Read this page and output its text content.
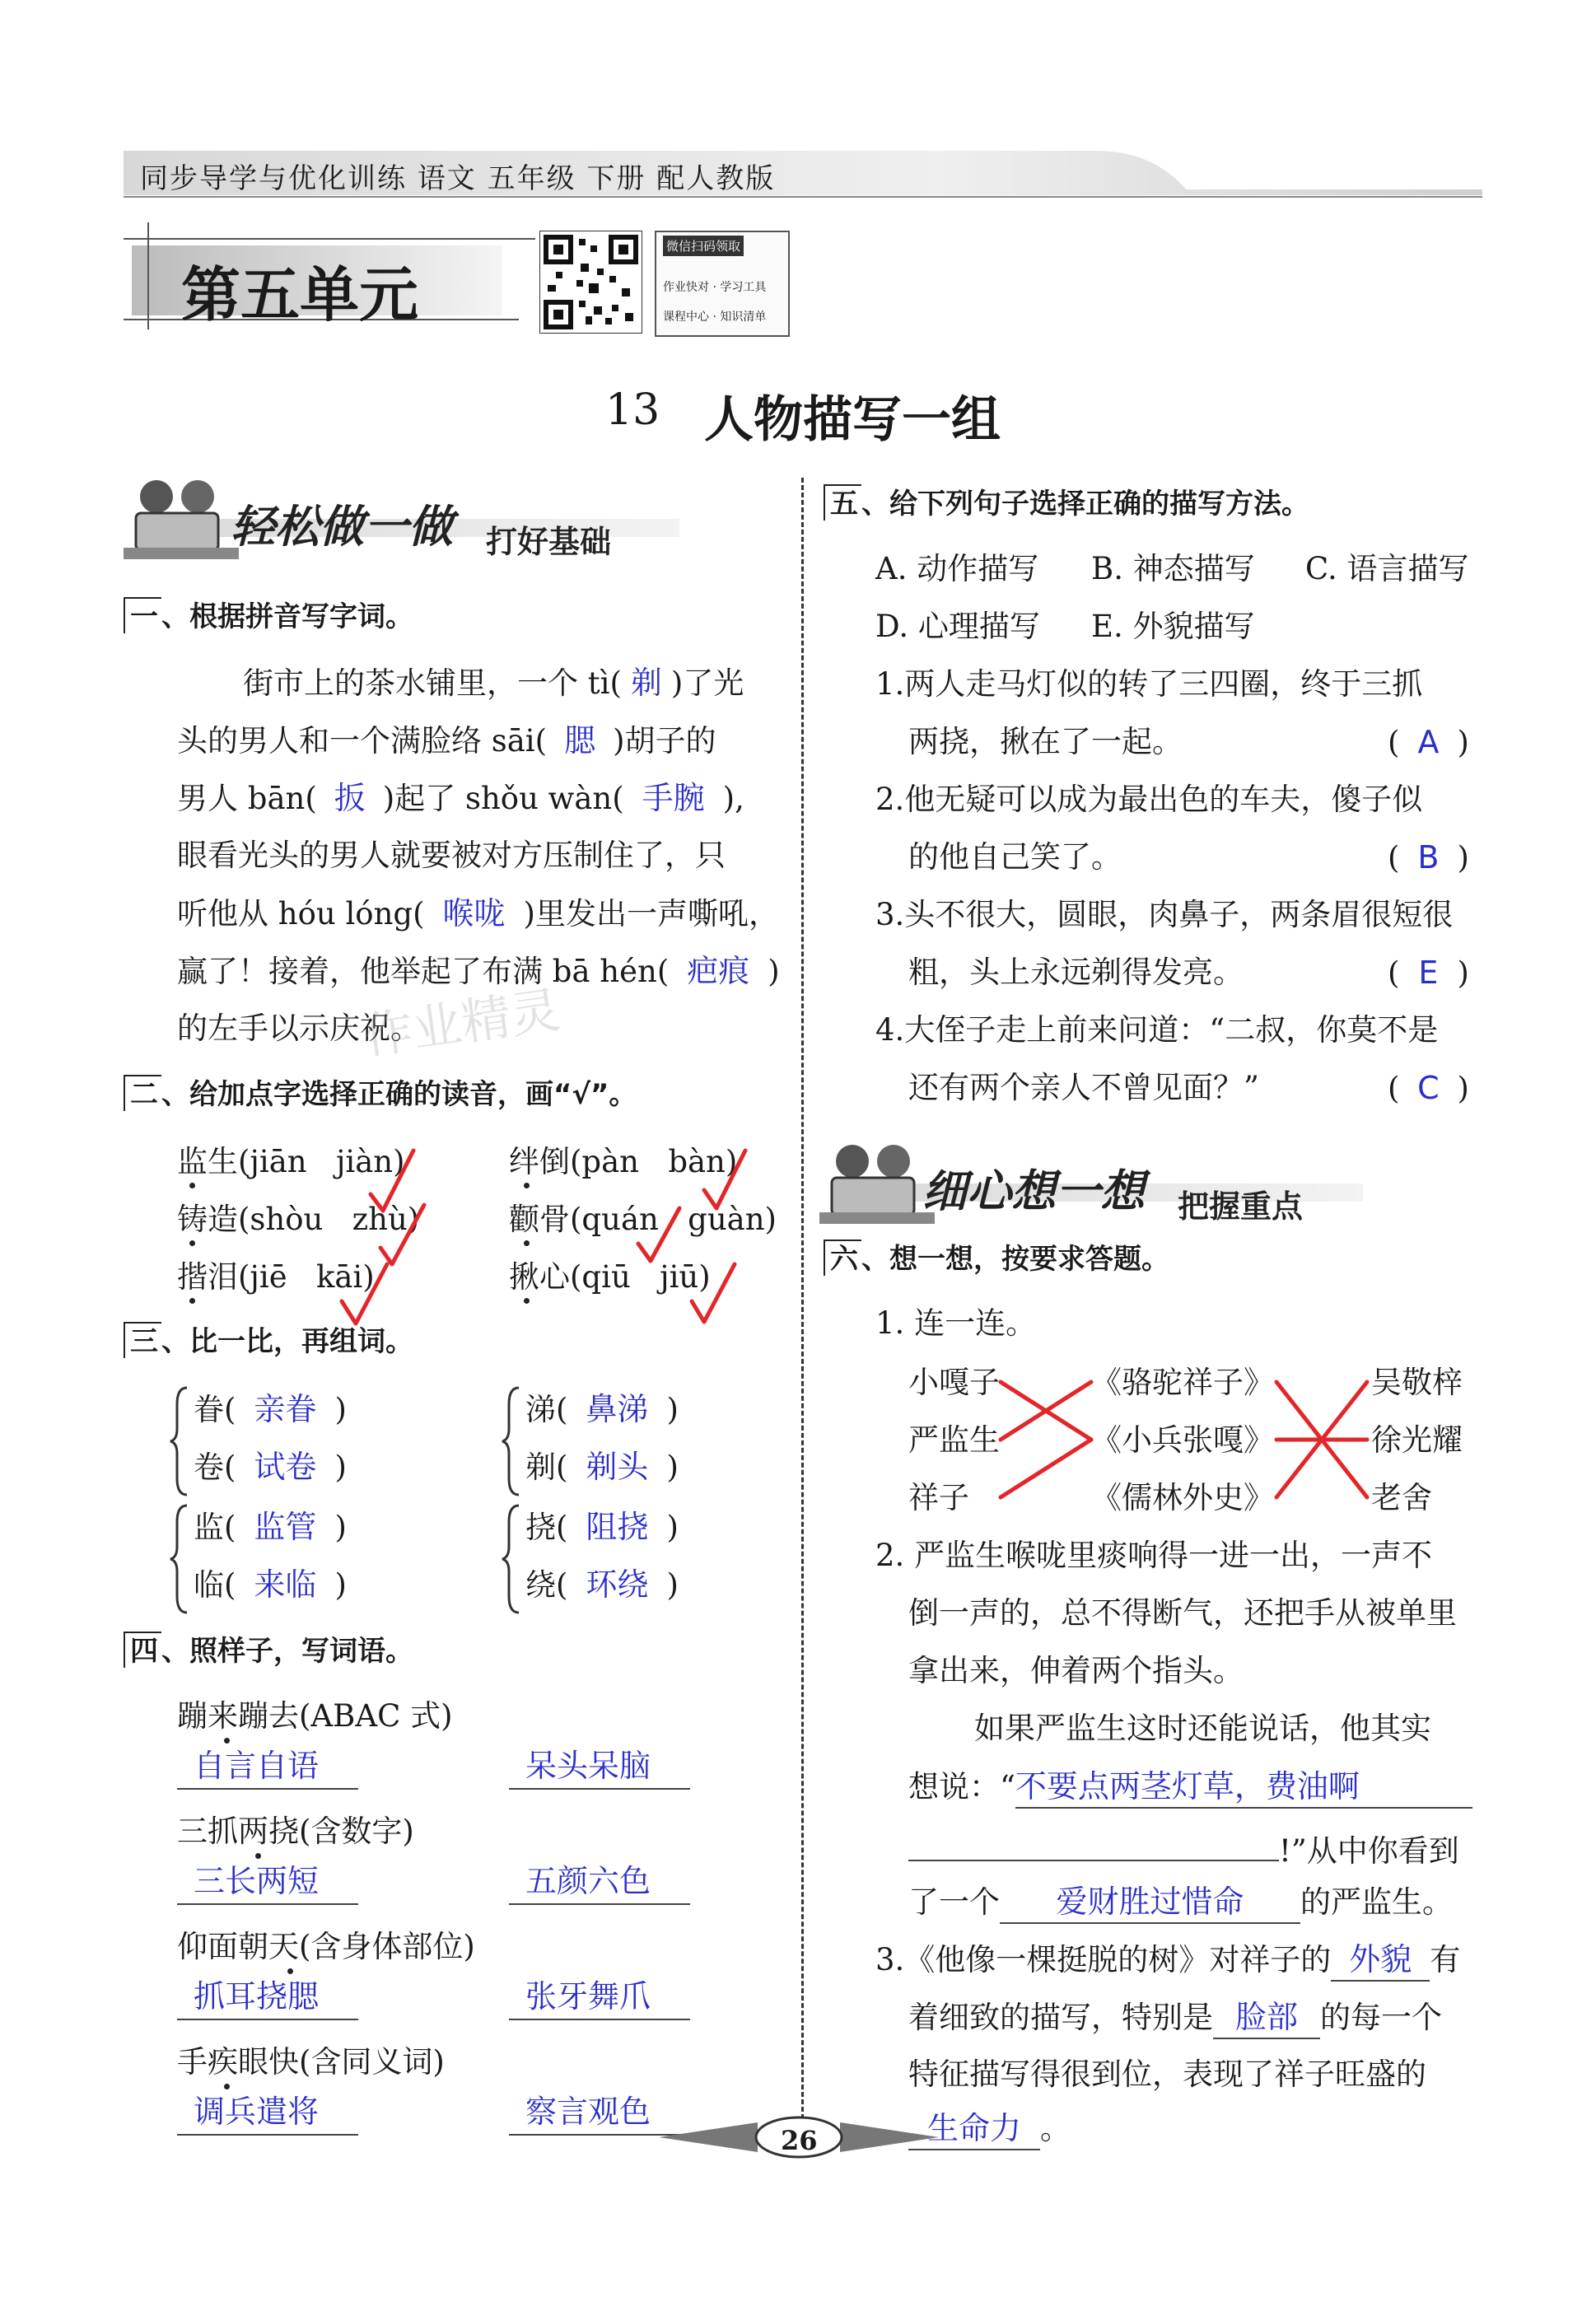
同步导学与优化训练 语文 五年级 下册 配人教版
第五单元
微信扫码领取
作业快对 · 学习工具
课程中心 · 知识清单
13 人物描写一组
轻松做一做 打好基础
一 、根据拼音写字词。
街市上的茶水铺里，一个 tì( 剃 )了光
头的男人和一个满脸络 sāi( 腮 )胡子的
男人 bān( 扳 )起了 shǒu wàn( 手腕 ),
眼看光头的男人就要被对方压制住了，只
听他从 hóu lóng( 喉咙 )里发出一声嘶吼，
赢了！接着，他举起了布满 bā hén( 疤痕 )
的左手以示庆祝。
作业精灵
二 、给加点字选择正确的读音，画“√”。
监生(jiān jiàn)	绊倒(pàn bàn)
铸造(shòu zhù)	颧骨(quán guàn)
揩泪(jiē kāi)	揪心(qiū jiū)
三 、比一比，再组词。
眷( 亲眷 )
卷( 试卷 )
涕( 鼻涕 )
剃( 剃头 )
监( 监管 )
临( 来临 )
挠( 阻挠 )
绕( 环绕 )
四 、照样子，写词语。
蹦来蹦去(ABAC 式)
自言自语	呆头呆脑
三抓两挠(含数字)
三长两短	五颜六色
仰面朝天(含身体部位)
抓耳挠腮	张牙舞爪
手疾眼快(含同义词)
调兵遣将	察言观色
五 、给下列句子选择正确的描写方法。
A. 动作描写 B. 神态描写 C. 语言描写
D. 心理描写 E. 外貌描写
1.两人走马灯似的转了三四圈，终于三抓
两挠，揪在了一起。	( A )
2.他无疑可以成为最出色的车夫，傻子似
的他自己笑了。	( B )
3.头不很大，圆眼，肉鼻子，两条眉很短很
粗，头上永远剃得发亮。	( E )
4.大侄子走上前来问道：“二叔，你莫不是
还有两个亲人不曾见面？”	( C )
细心想一想 把握重点
六 、想一想，按要求答题。
1. 连一连。
小嘎子
严监生
祥子
《骆驼祥子》
《小兵张嘎》
《儒林外史》
吴敬梓
徐光耀
老舍
2. 严监生喉咙里痰响得一进一出，一声不
倒一声的，总不得断气，还把手从被单里
拿出来，伸着两个指头。
如果严监生这时还能说话，他其实
想说：“不要点两茎灯草，费油啊
!”从中你看到
了一个 爱财胜过惜命 的严监生。
3.《他像一棵挺脱的树》对祥子的 外貌 有
着细致的描写，特别是 脸部 的每一个
特征描写得很到位，表现了祥子旺盛的
生命力 。
26
